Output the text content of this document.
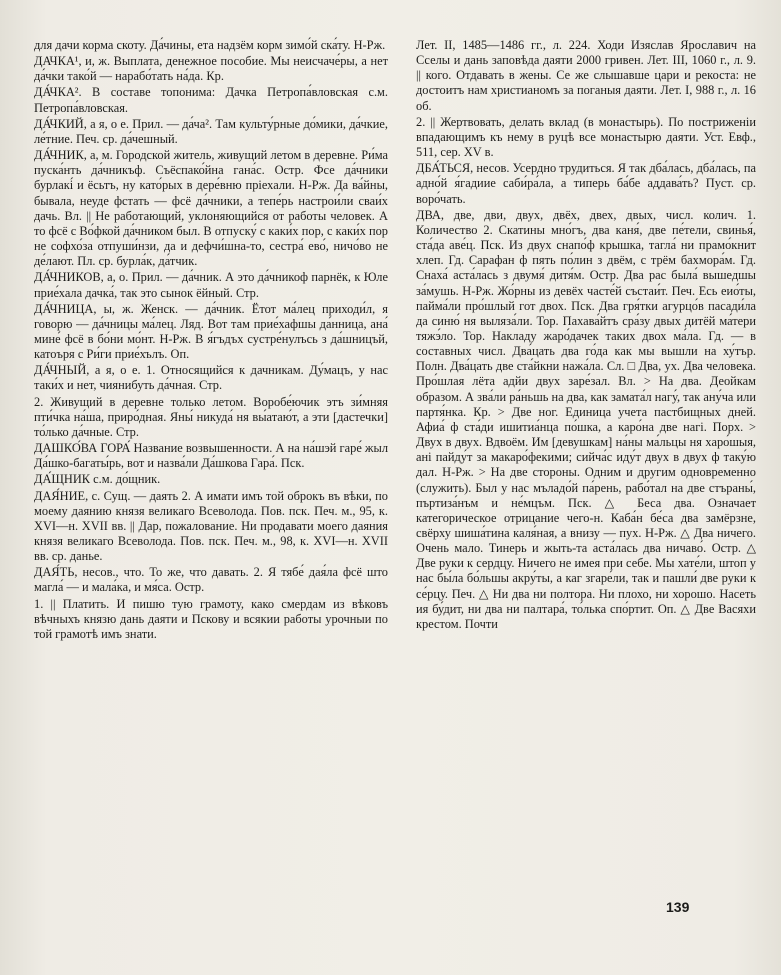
для дачи корма скоту. Да́чины, ета надзём корм зимо́й ска́ту. Н-Рж.

ДАЧКА¹, и, ж. Выплата, денежное пособие. Мы неисчаче́ры, а нет да́чки тако́й — нарабо́тать на́да. Кр.

ДА́ЧКА². В составе топонима: Дачка Петропа́вловская с.м. Петропа́вловская.

ДА́ЧКИЙ, а я, о е. Прил. — да́ча². Там культу́рные до́мики, да́чкие, ле́тние. Печ. ср. да́чешный.

ДА́ЧНИК, а, м. Городской житель, живущий летом в деревне. Ри́ма пуска́нть да́чникъф. Съёспако́йна гана́с. Остр. Фсе да́чники бурлакі́ и ёсьтъ, ну като́рых в дере́вню пріехали. Н-Рж. Да ва́йны, бывала, неуде фстать — фсё да́чники, а тепе́рь настрои́ли сваи́х дачь. Вл. || Не работающий, уклоняющийся от работы человек. А то фсё с Во́фкой да́чником был. В отпуску́ с каки́х пор, с каки́х пор не софхо́за отпуши́нзи, да и дефчи́шна-то, сестра́ ево́, ничо́во не де́лают. Пл. ср. бурла́к, да́тчик.

ДА́ЧНИКОВ, а, о. Прил. — да́чник. А это да́чникоф парнёк, к Юле прие́хала дачка́, так это сынок ёйный. Стр.

ДА́ЧНИЦА, ы, ж. Женск. — да́чник. Ётот ма́лец приходи́л, я говорю — да́чницы ма́лец. Ляд. Вот там прие́хафшы да́нница, ана́ мине́ фсё в бо́ни мо́нт. Н-Рж. В я́гъдъх сустре́нулъсь з да́шницъй, катоъря с Ри́ги прие́хълъ. Оп.

ДА́ЧНЫЙ, а я, о е. 1. Относящийся к дачникам. Ду́мацъ, у нас таки́х и нет, чиянибуть да́чная. Стр.

2. Живущий в деревне только летом. Воробе́ючик этъ зи́мняя пти́чка на́ша, приро́дная. Яны́ никуда́ ня вы́атаю́т, а эти [дастечки] то́лько да́чные. Стр.

ДАШКО́ВА ГОРА́ Название возвышенности. А на на́шэй гаре́ жыл Да́шко-багаты́рь, вот и назва́ли Да́шкова Гара́. Пск.

ДА́ЩНИК с.м. до́щник.

ДАЯ́НИЕ, с. Сущ. — даять 2. А имати имъ той оброкъ въ вѣки, по моему даянию князя великаго Всеволода. Пов. пск. Печ. м., 95, к. XVI—н. XVII вв. || Дар, пожалование. Ни продавати моего даяния князя великаго Всеволода. Пов. пск. Печ. м., 98, к. XVI—н. XVII вв. ср. данье.

ДАЯ́ТЬ, несов., что. То же, что давать. 2. Я тябе́ дая́ла фсё што магла́ — и мала́ка, и мя́са. Остр.

1. || Платить. И пишю тую грамоту, како смердам из вѣковъ вѣчныхъ князю дань даяти и Пскову и всякии работы урочныи по той грамотѣ имъ знати.

Лет. II, 1485—1486 гг., л. 224. Ходи Изяслав Ярославич на Сселы и дань заповѣда даяти 2000 гривен. Лет. III, 1060 г., л. 9. || кого. Отдавать в жены. Се же слышавше цари и рекоста: не достоитъ нам христианомъ за поганыя даяти. Лет. I, 988 г., л. 16 об.

2. || Жертвовать, делать вклад (в монастырь). По постриженіи впадающимъ къ нему в руцѣ все монастырю даяти. Уст. Евф., 511, сер. XV в.

ДБА́ТЬСЯ, несов. Усердно трудиться. Я так дба́лась, дба́лась, па адно́й я́гадиие саби́ра́ла, а типерь ба́бе аддава́ть? Пуст. ср. воро́чать.

ДВА, две, дви, двух, двёх, двех, двых, числ. колич. 1. Количество 2. Скатины мно́гъ, два каня́, две пе́тели, свинья́, ста́да аве́ц. Пск. Из двух снапо́ф крышка, тагла́ ни прамо́книт хлеп. Гд. Сарафан ф пять по́лин з двём, с трём бахмора́м. Гд. Снаха́ аста́лась з двумя́ дитя́м. Остр. Два рас была́ вышедшы за́мушь. Н-Рж. Жо́рны из девёх часте́й състаи́т. Печ. Есь еио́ты, пайма́ли про́шлый гот двох. Пск. Два гря́тки агурцо́в пасади́ла да синю́ ня выляза́ли. Тор. Пахава́йтъ сра́зу двых дитёй ма́тери тяжэ́ло. Тор. Накладу жаро́дачек таких двох ма́ла. Гд. — в составных числ. Два́цать два го́да как мы вышли на ху́тър. Полн. Два́цать две ста́йкни нажа́ла. Сл. □ Два, ух. Два человека. Про́шлая лёта адйи двух заре́зал. Вл. > На два. Деойкам образом. А зва́ли ра́ньшь на два, как замата́л нагу́, так ану́ча или партя́нка. Кр. > Две ног. Единица учета пастбищных дней. Афиа́ ф ста́ди ишитиа́нца по́шка, а каро́на две нагі. Порх. > Двух в двух. Вдвоём. Им [девушкам] на́ны ма́льцы ня харо́шыя, ані пайду́т за макаро́фекими; сийча́с иду́т двух в двух ф таку́ю дал. Н-Рж. > На две стороны. Одним и другим одновременно (служить). Был у нас мъладо́й па́рень, рабо́тал на две стъраны́, пъртиза́нъм и не́мцъм. Пск. △ Беса два. Означает категорическое отрицание чего-н. Каба́н бе́са два замёрзне, свёрху шиша́тина каля́ная, а внизу — пух. Н-Рж. △ Два ничего. Очень мало. Тинерь и жыть-та аста́лась два ничаво́. Остр. △ Две руки к сердцу. Ничего не имея при себе. Мы хате́ли, штоп у нас бы́ла бо́льшы акру́ты, а каг згаре́ли, так и пашли́ две руки к се́рцу. Печ. △ Ни два ни полтора. Ни плохо, ни хорошо. Насеть ия бу́дит, ни два ни палтара́, то́лька спо́ртит. Оп. △ Две Васяхи крестом. Почти

139
